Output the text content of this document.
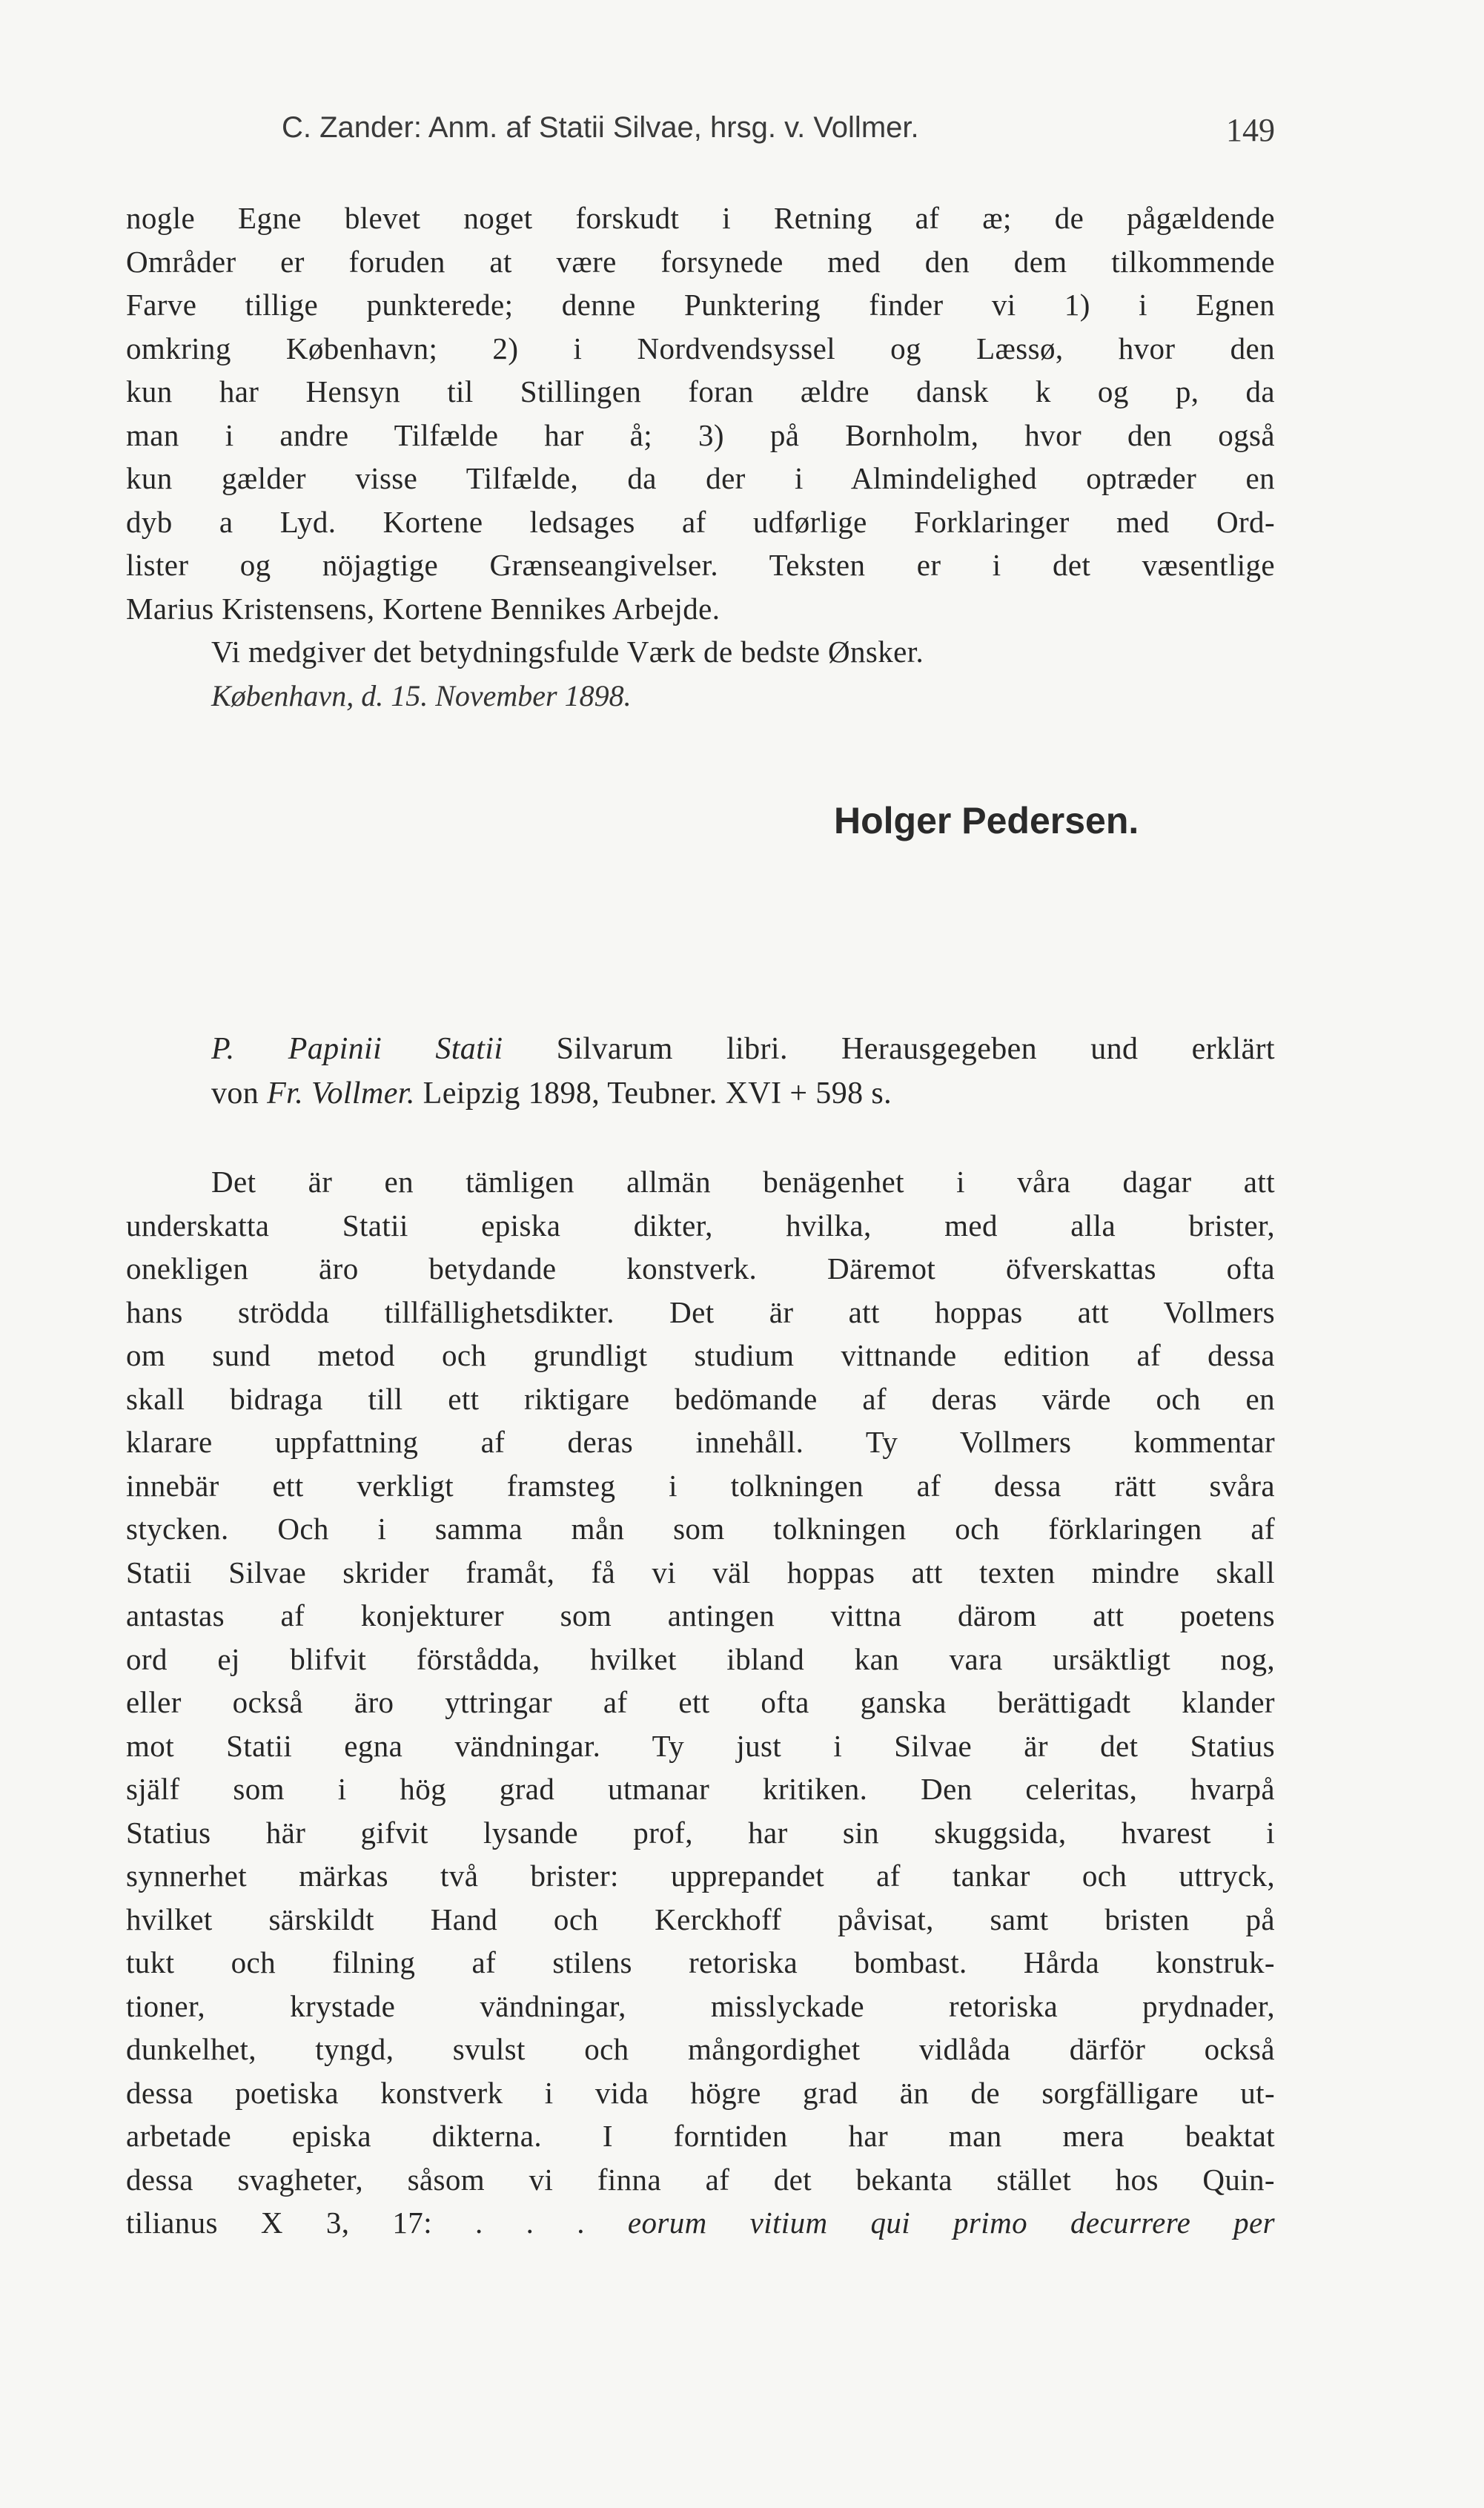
C. Zander: Anm. af Statii Silvae, hrsg. v. Vollmer.	149
nogle Egne blevet noget forskudt i Retning af æ; de pågældende
Områder er foruden at være forsynede med den dem tilkommende
Farve tillige punkterede; denne Punktering finder vi 1) i Egnen
omkring København; 2) i Nordvendsyssel og Læssø, hvor den
kun har Hensyn til Stillingen foran ældre dansk k og p, da
man i andre Tilfælde har å; 3) på Bornholm, hvor den også
kun gælder visse Tilfælde, da der i Almindelighed optræder en
dyb a Lyd. Kortene ledsages af udførlige Forklaringer med Ord-
lister og nöjagtige Grænseangivelser. Teksten er i det væsentlige
Marius Kristensens, Kortene Bennikes Arbejde.
Vi medgiver det betydningsfulde Værk de bedste Ønsker.
København, d. 15. November 1898.
Holger Pedersen.
P. Papinii Statii Silvarum libri. Herausgegeben und erklärt
von Fr. Vollmer. Leipzig 1898, Teubner. XVI + 598 s.
Det är en tämligen allmän benägenhet i våra dagar att
underskatta Statii episka dikter, hvilka, med alla brister,
onekligen äro betydande konstverk. Däremot öfverskattas ofta
hans strödda tillfällighetsdikter. Det är att hoppas att Vollmers
om sund metod och grundligt studium vittnande edition af dessa
skall bidraga till ett riktigare bedömande af deras värde och en
klarare uppfattning af deras innehåll. Ty Vollmers kommentar
innebär ett verkligt framsteg i tolkningen af dessa rätt svåra
stycken. Och i samma mån som tolkningen och förklaringen af
Statii Silvae skrider framåt, få vi väl hoppas att texten mindre skall
antastas af konjekturer som antingen vittna därom att poetens
ord ej blifvit förstådda, hvilket ibland kan vara ursäktligt nog,
eller också äro yttringar af ett ofta ganska berättigadt klander
mot Statii egna vändningar. Ty just i Silvae är det Statius
själf som i hög grad utmanar kritiken. Den celeritas, hvarpå
Statius här gifvit lysande prof, har sin skuggsida, hvarest i
synnerhet märkas två brister: upprepandet af tankar och uttryck,
hvilket särskildt Hand och Kerckhoff påvisat, samt bristen på
tukt och filning af stilens retoriska bombast. Hårda konstruk-
tioner, krystade vändningar, misslyckade retoriska prydnader,
dunkelhet, tyngd, svulst och mångordighet vidlåda därför också
dessa poetiska konstverk i vida högre grad än de sorgfälligare ut-
arbetade episka dikterna. I forntiden har man mera beaktat
dessa svagheter, såsom vi finna af det bekanta stället hos Quin-
tilianus X 3, 17: . . . eorum vitium qui primo decurrere per
